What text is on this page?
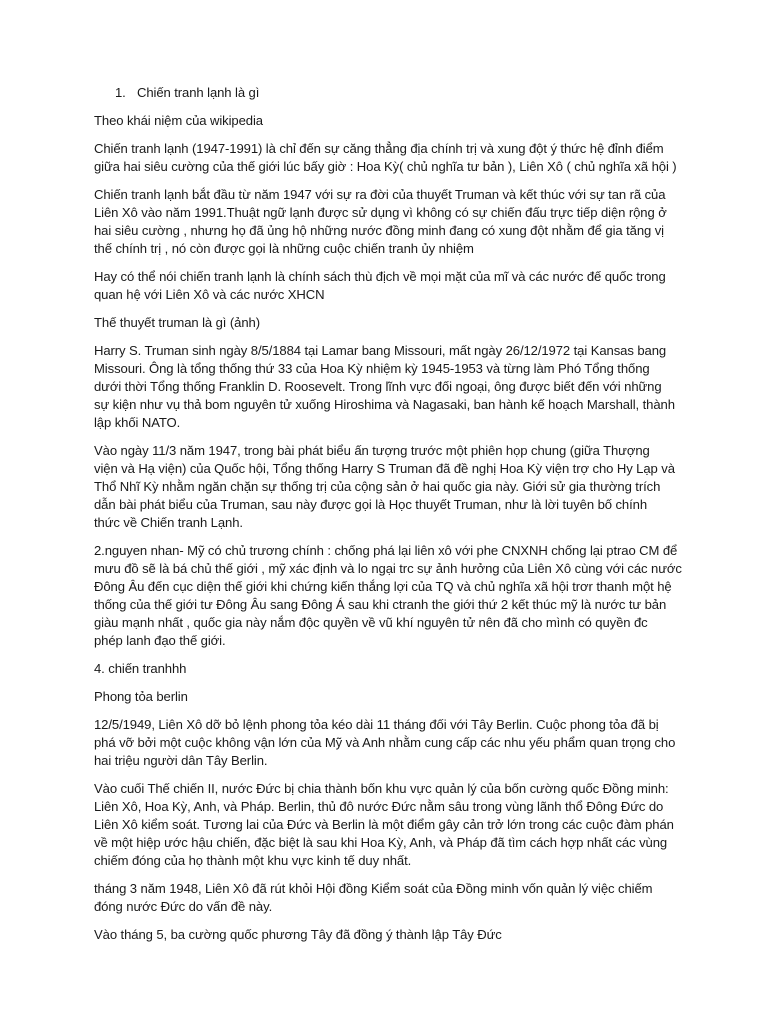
1. Chiến tranh lạnh là gì
Theo khái niệm của wikipedia
Chiến tranh lạnh (1947-1991) là chỉ đến sự căng thẳng địa chính trị và xung đột ý thức hệ đỉnh điểm
giữa hai siêu cường của thế giới lúc bấy giờ : Hoa Kỳ( chủ nghĩa tư bản ), Liên Xô ( chủ nghĩa xã hội )
Chiến tranh lạnh bắt đầu từ năm 1947 với sự ra đời của thuyết Truman và kết thúc với sự tan rã của
Liên Xô vào năm 1991.Thuật ngữ lạnh được sử dụng vì không có sự chiến đấu trực tiếp diện rộng ở
hai siêu cường , nhưng họ đã ủng hộ những nước đồng minh đang có xung đột nhằm để gia tăng vị
thế chính trị , nó còn được gọi là những cuộc chiến tranh ủy nhiệm
Hay có thể nói chiến tranh lạnh là chính sách thù địch về mọi mặt của mĩ và các nước đế quốc trong
quan hệ với Liên Xô và các nước XHCN
Thế thuyết truman là gì (ảnh)
Harry S. Truman sinh ngày 8/5/1884 tại Lamar bang Missouri, mất ngày 26/12/1972 tại Kansas bang
Missouri. Ông là tổng thống thứ 33 của Hoa Kỳ nhiệm kỳ 1945-1953 và từng làm Phó Tổng thống
dưới thời Tổng thống Franklin D. Roosevelt. Trong lĩnh vực đối ngoại, ông được biết đến với những
sự kiện như vụ thả bom nguyên tử xuống Hiroshima và Nagasaki, ban hành kế hoạch Marshall, thành
lập khối NATO.
Vào ngày 11/3 năm 1947, trong bài phát biểu ấn tượng trước một phiên họp chung (giữa Thượng
viện và Hạ viện) của Quốc hội, Tổng thống Harry S Truman đã đề nghị Hoa Kỳ viện trợ cho Hy Lạp và
Thổ Nhĩ Kỳ nhằm ngăn chặn sự thống trị của cộng sản ở hai quốc gia này. Giới sử gia thường trích
dẫn bài phát biểu của Truman, sau này được gọi là Học thuyết Truman, như là lời tuyên bố chính
thức về Chiến tranh Lạnh.
2.nguyen nhan- Mỹ có chủ trương chính : chống phá lại liên xô với phe CNXNH chống lại ptrao CM để
mưu đồ sẽ là bá chủ thế giới , mỹ xác định và lo ngại trc sự ảnh hưởng của Liên Xô cùng với các nước
Đông Âu đến cục diện thế giới khi chứng kiến thắng lợi của TQ và chủ nghĩa xã hội trơr thanh một hệ
thống của thế giới tư Đông Âu sang Đông Á sau khi ctranh the giới thứ 2 kết thúc mỹ là nước tư bản
giàu mạnh nhất , quốc gia này nắm độc quyền về vũ khí nguyên tử nên đã cho mình có quyền đc
phép lanh đạo thế giới.
4. chiến tranhhh
Phong tỏa berlin
12/5/1949, Liên Xô dỡ bỏ lệnh phong tỏa kéo dài 11 tháng đối với Tây Berlin. Cuộc phong tỏa đã bị
phá vỡ bởi một cuộc không vận lớn của Mỹ và Anh nhằm cung cấp các nhu yếu phẩm quan trọng cho
hai triệu người dân Tây Berlin.
Vào cuối Thế chiến II, nước Đức bị chia thành bốn khu vực quản lý của bốn cường quốc Đồng minh:
Liên Xô, Hoa Kỳ, Anh, và Pháp. Berlin, thủ đô nước Đức nằm sâu trong vùng lãnh thổ Đông Đức do
Liên Xô kiểm soát. Tương lai của Đức và Berlin là một điểm gây cản trở lớn trong các cuộc đàm phán
về một hiệp ước hậu chiến, đặc biệt là sau khi Hoa Kỳ, Anh, và Pháp đã tìm cách hợp nhất các vùng
chiếm đóng của họ thành một khu vực kinh tế duy nhất.
tháng 3 năm 1948, Liên Xô đã rút khỏi Hội đồng Kiểm soát của Đồng minh vốn quản lý việc chiếm
đóng nước Đức do vấn đề này.
Vào tháng 5, ba cường quốc phương Tây đã đồng ý thành lập Tây Đức
